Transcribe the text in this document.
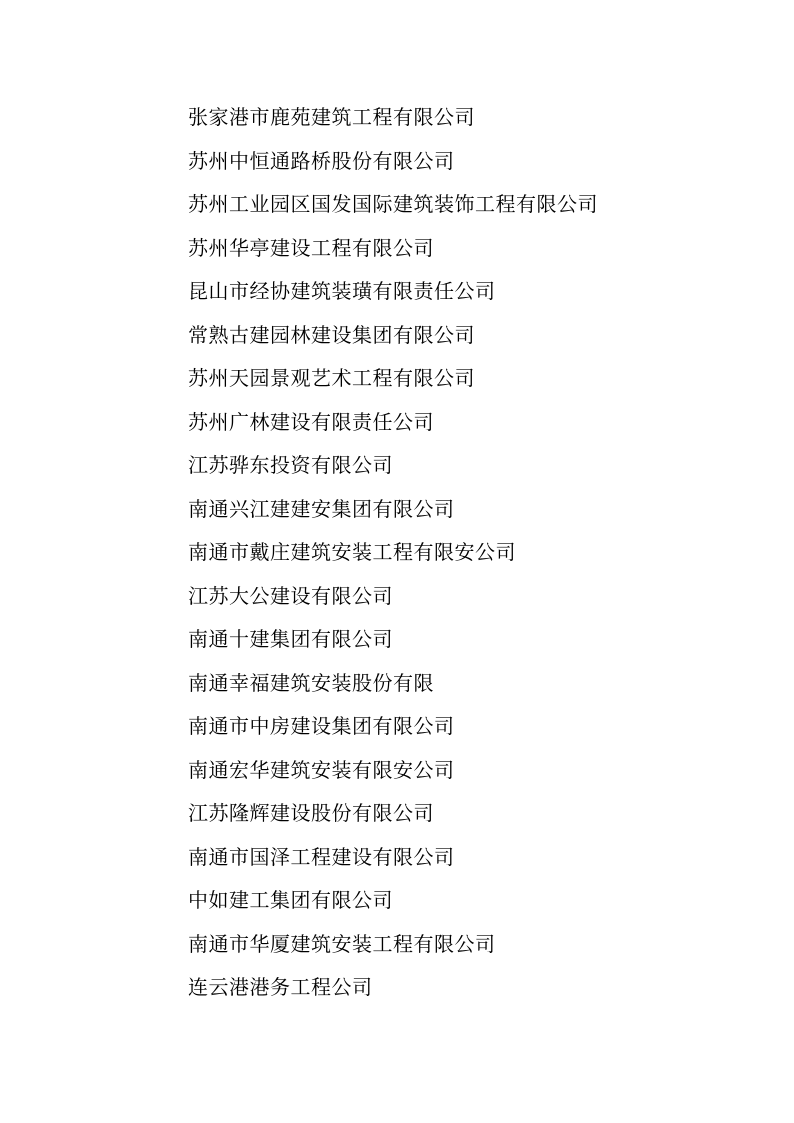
张家港市鹿苑建筑工程有限公司
苏州中恒通路桥股份有限公司
苏州工业园区国发国际建筑装饰工程有限公司
苏州华亭建设工程有限公司
昆山市经协建筑装璜有限责任公司
常熟古建园林建设集团有限公司
苏州天园景观艺术工程有限公司
苏州广林建设有限责任公司
江苏骅东投资有限公司
南通兴江建建安集团有限公司
南通市戴庄建筑安装工程有限安公司
江苏大公建设有限公司
南通十建集团有限公司
南通幸福建筑安装股份有限
南通市中房建设集团有限公司
南通宏华建筑安装有限安公司
江苏隆辉建设股份有限公司
南通市国泽工程建设有限公司
中如建工集团有限公司
南通市华厦建筑安装工程有限公司
连云港港务工程公司
